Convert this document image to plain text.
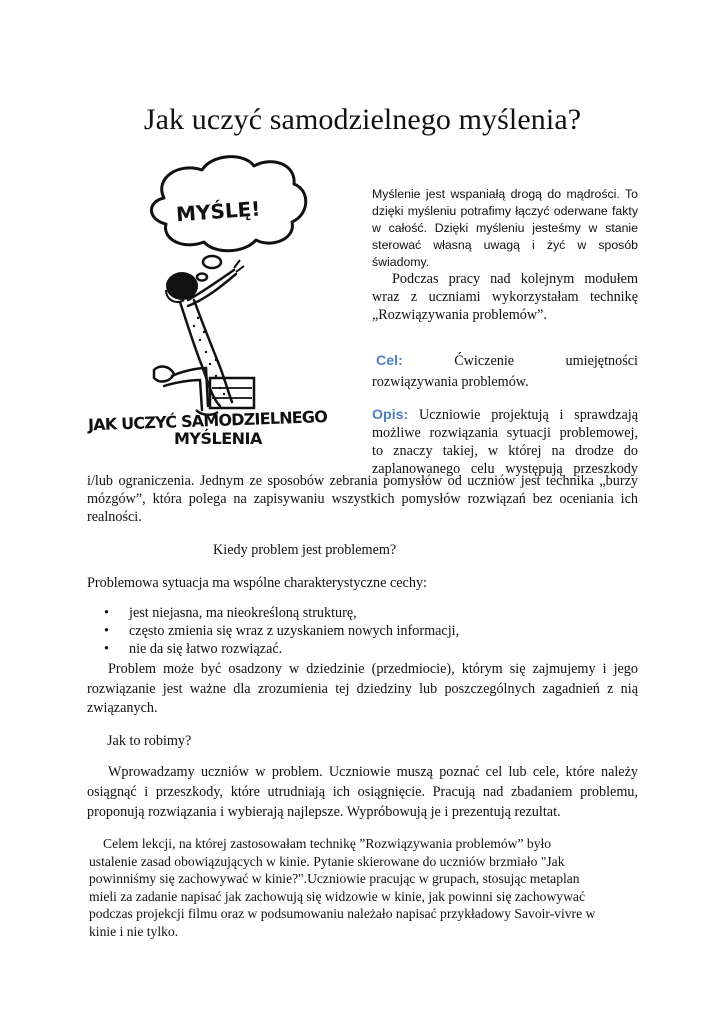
Jak uczyć samodzielnego myślenia?
MYŚLĘ!
JAK UCZYĆ SAMODZIELNEGO
MYŚLENIA

Myślenie jest wspaniałą drogą do mądrości. To

dzięki myśleniu potrafimy łączyć oderwane fakty

w całość. Dzięki myśleniu jesteśmy w stanie

sterować własną uwagą i żyć w sposób

świadomy.

Podczas pracy nad kolejnym modułem

wraz z uczniami wykorzystałam technikę

„Rozwiązywania problemów”.

Cel:	Ćwiczenie umiejętności

rozwiązywania problemów.

Opis: Uczniowie projektują i sprawdzają

możliwe rozwiązania sytuacji problemowej,

to znaczy takiej, w której na drodze do

zaplanowanego celu występują przeszkody

i/lub ograniczenia. Jednym ze sposobów zebrania pomysłów od uczniów jest technika „burzy

mózgów”, która polega na zapisywaniu wszystkich pomysłów rozwiązań bez oceniania ich

realności.

Kiedy problem jest problemem?
Problemowa sytuacja ma wspólne charakterystyczne cechy:
• jest niejasna, ma nieokreśloną strukturę,
• często zmienia się wraz z uzyskaniem nowych informacji,
• nie da się łatwo rozwiązać.

Problem może być osadzony w dziedzinie (przedmiocie), którym się zajmujemy i jego

rozwiązanie jest ważne dla zrozumienia tej dziedziny lub poszczególnych zagadnień z nią

związanych.

Jak to robimy?

Wprowadzamy uczniów w problem. Uczniowie muszą poznać cel lub cele, które należy

osiągnąć i przeszkody, które utrudniają ich osiągnięcie. Pracują nad zbadaniem problemu,

proponują rozwiązania i wybierają najlepsze. Wypróbowują je i prezentują rezultat.

Celem lekcji, na której zastosowałam technikę ”Rozwiązywania problemów” było

ustalenie zasad obowiązujących w kinie. Pytanie skierowane do uczniów brzmiało "Jak

powinniśmy się zachowywać w kinie?".Uczniowie pracując w grupach, stosując metaplan

mieli za zadanie napisać jak zachowują się widzowie w kinie, jak powinni się zachowywać

podczas projekcji filmu oraz w podsumowaniu należało napisać przykładowy Savoir-vivre w

kinie i nie tylko.
